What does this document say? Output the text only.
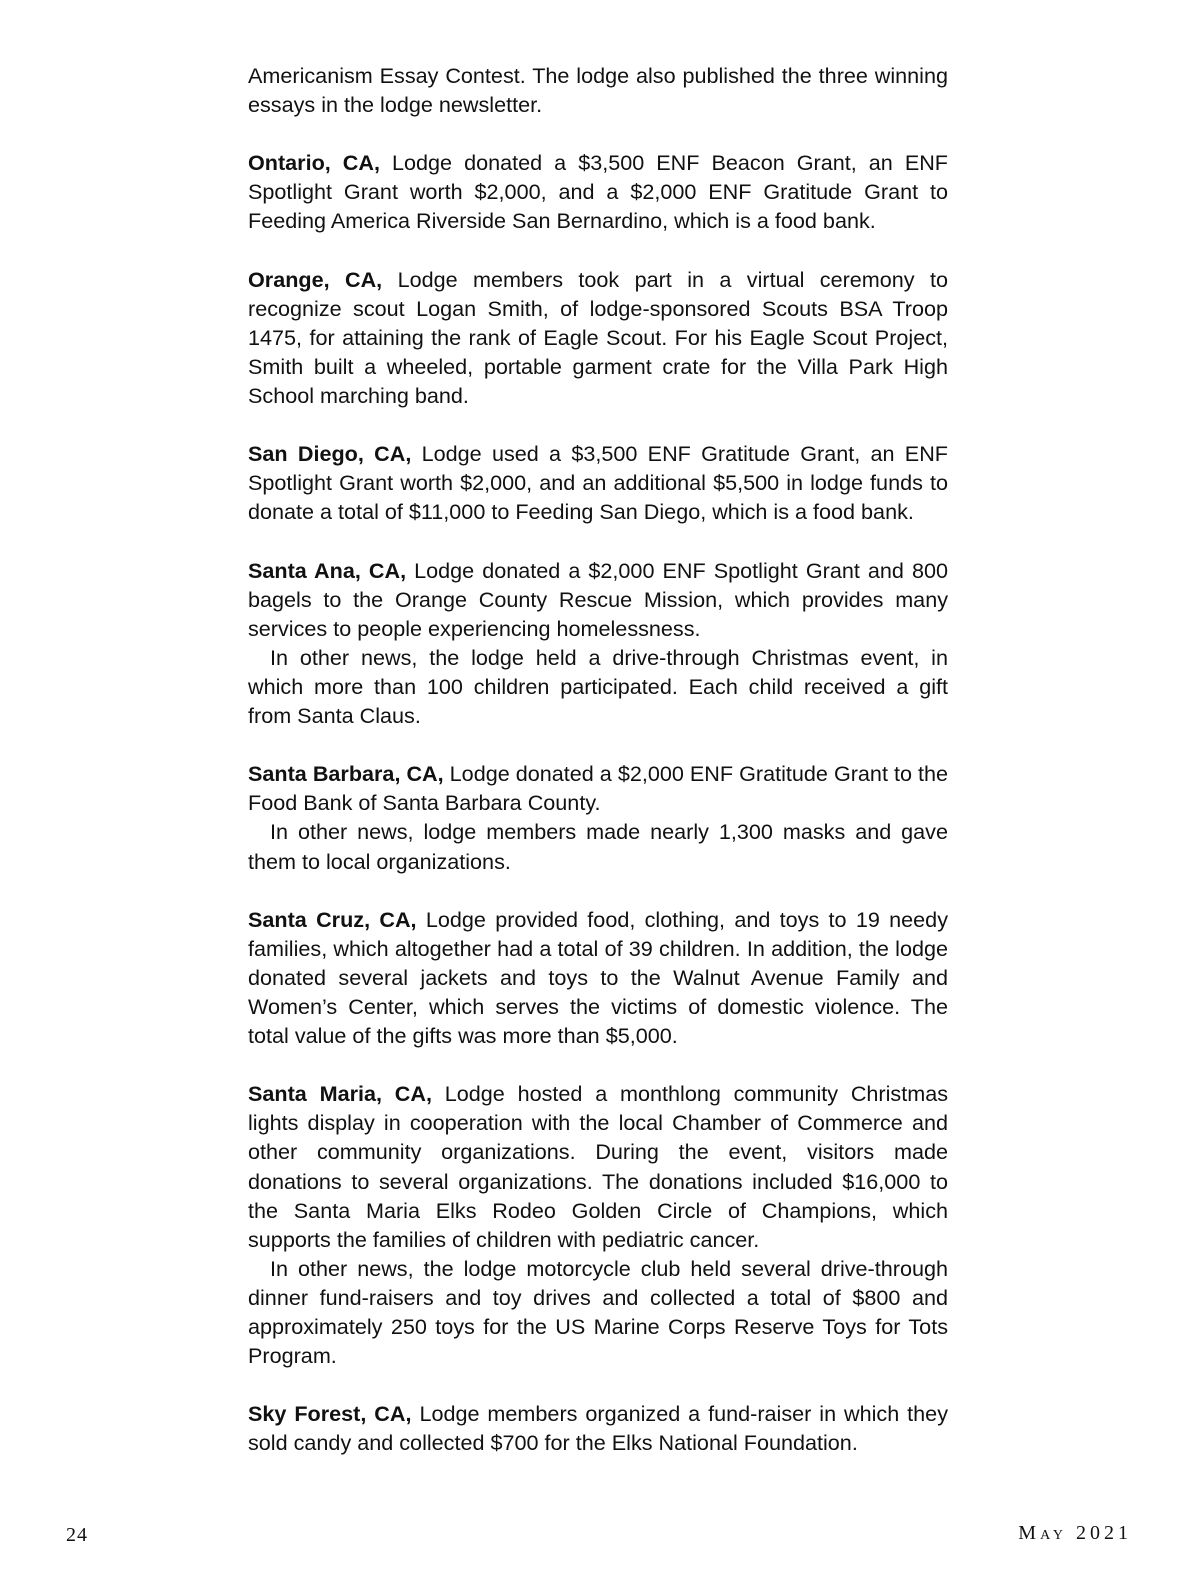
Americanism Essay Contest. The lodge also published the three winning essays in the lodge newsletter.

Ontario, CA, Lodge donated a $3,500 ENF Beacon Grant, an ENF Spotlight Grant worth $2,000, and a $2,000 ENF Gratitude Grant to Feeding America Riverside San Bernardino, which is a food bank.

Orange, CA, Lodge members took part in a virtual ceremony to recognize scout Logan Smith, of lodge-sponsored Scouts BSA Troop 1475, for attaining the rank of Eagle Scout. For his Eagle Scout Project, Smith built a wheeled, portable garment crate for the Villa Park High School marching band.

San Diego, CA, Lodge used a $3,500 ENF Gratitude Grant, an ENF Spotlight Grant worth $2,000, and an additional $5,500 in lodge funds to donate a total of $11,000 to Feeding San Diego, which is a food bank.

Santa Ana, CA, Lodge donated a $2,000 ENF Spotlight Grant and 800 bagels to the Orange County Rescue Mission, which provides many services to people experiencing homelessness.

In other news, the lodge held a drive-through Christmas event, in which more than 100 children participated. Each child received a gift from Santa Claus.

Santa Barbara, CA, Lodge donated a $2,000 ENF Gratitude Grant to the Food Bank of Santa Barbara County.

In other news, lodge members made nearly 1,300 masks and gave them to local organizations.

Santa Cruz, CA, Lodge provided food, clothing, and toys to 19 needy families, which altogether had a total of 39 children. In addition, the lodge donated several jackets and toys to the Walnut Avenue Family and Women’s Center, which serves the victims of domestic violence. The total value of the gifts was more than $5,000.

Santa Maria, CA, Lodge hosted a monthlong community Christmas lights display in cooperation with the local Chamber of Commerce and other community organizations. During the event, visitors made donations to several organizations. The donations included $16,000 to the Santa Maria Elks Rodeo Golden Circle of Champions, which supports the families of children with pediatric cancer.

In other news, the lodge motorcycle club held several drive-through dinner fund-raisers and toy drives and collected a total of $800 and approximately 250 toys for the US Marine Corps Reserve Toys for Tots Program.

Sky Forest, CA, Lodge members organized a fund-raiser in which they sold candy and collected $700 for the Elks National Foundation.

24	May 2021
